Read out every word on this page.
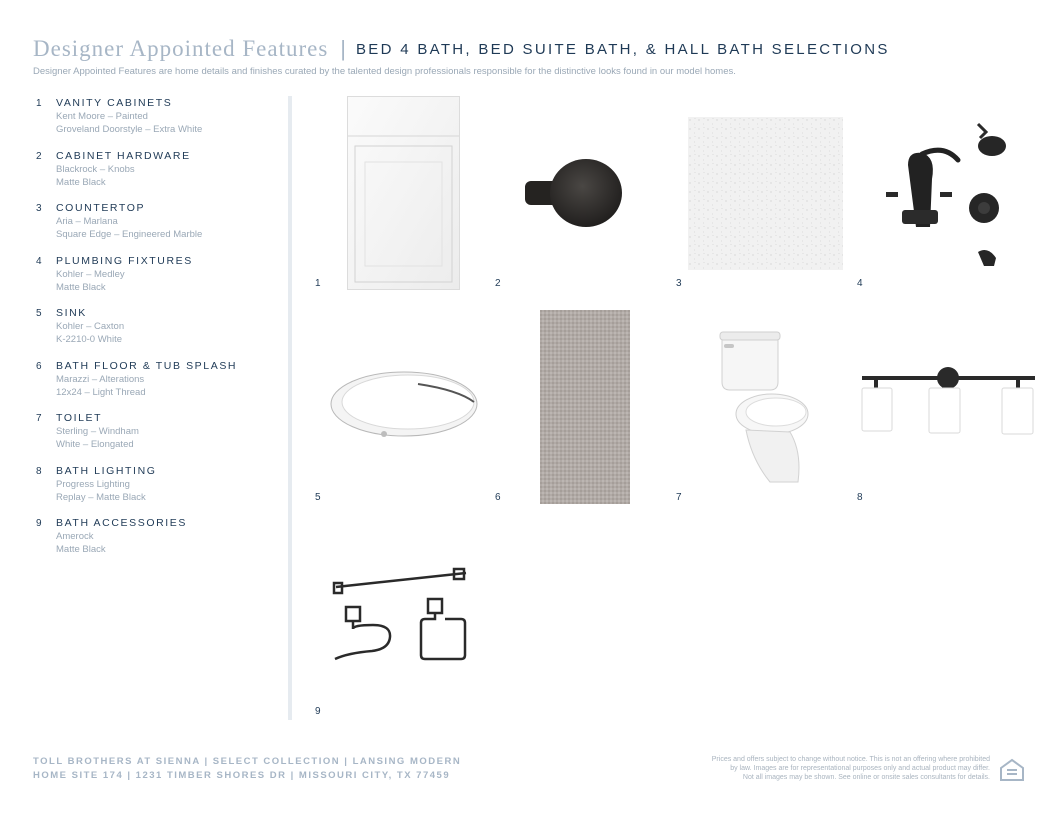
Designer Appointed Features | BED 4 BATH, BED SUITE BATH, & HALL BATH SELECTIONS
Designer Appointed Features are home details and finishes curated by the talented design professionals responsible for the distinctive looks found in our model homes.
1	VANITY CABINETS
Kent Moore – Painted
Groveland Doorstyle – Extra White
2	CABINET HARDWARE
Blackrock – Knobs
Matte Black
3	COUNTERTOP
Aria – Marlana
Square Edge – Engineered Marble
4	PLUMBING FIXTURES
Kohler – Medley
Matte Black
5	SINK
Kohler – Caxton
K-2210-0 White
6	BATH FLOOR & TUB SPLASH
Marazzi – Alterations
12x24 – Light Thread
7	TOILET
Sterling – Windham
White – Elongated
8	BATH LIGHTING
Progress Lighting
Replay – Matte Black
9	BATH ACCESSORIES
Amerock
Matte Black
1	2	3	4
5	6	7	8
9
TOLL BROTHERS AT SIENNA | SELECT COLLECTION | LANSING MODERN
HOME SITE 174 | 1231 TIMBER SHORES DR | MISSOURI CITY, TX 77459
Prices and offers subject to change without notice. This is not an offering where prohibited
by law. Images are for representational purposes only and actual product may differ.
Not all images may be shown. See online or onsite sales consultants for details.
